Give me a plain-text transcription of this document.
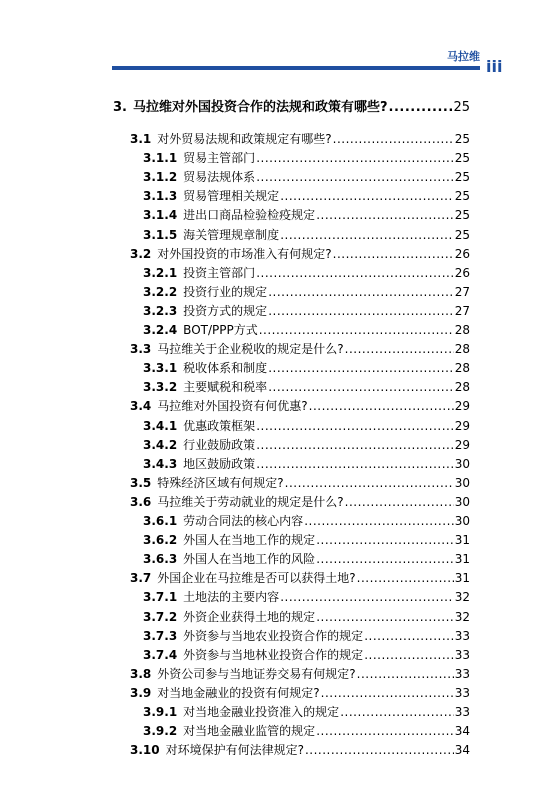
马拉维
iii
3. 马拉维对外国投资合作的法规和政策有哪些? .....	25
3.1 对外贸易法规和政策规定有哪些? .....	25
3.1.1 贸易主管部门 .....	25
3.1.2 贸易法规体系 .....	25
3.1.3 贸易管理相关规定 .....	25
3.1.4 进出口商品检验检疫规定 .....	25
3.1.5 海关管理规章制度 .....	25
3.2 对外国投资的市场准入有何规定? .....	26
3.2.1 投资主管部门 .....	26
3.2.2 投资行业的规定 .....	27
3.2.3 投资方式的规定 .....	27
3.2.4 BOT/PPP方式 .....	28
3.3 马拉维关于企业税收的规定是什么? .....	28
3.3.1 税收体系和制度 .....	28
3.3.2 主要赋税和税率 .....	28
3.4 马拉维对外国投资有何优惠? .....	29
3.4.1 优惠政策框架 .....	29
3.4.2 行业鼓励政策 .....	29
3.4.3 地区鼓励政策 .....	30
3.5 特殊经济区域有何规定? .....	30
3.6 马拉维关于劳动就业的规定是什么? .....	30
3.6.1 劳动合同法的核心内容 .....	30
3.6.2 外国人在当地工作的规定 .....	31
3.6.3 外国人在当地工作的风险 .....	31
3.7 外国企业在马拉维是否可以获得土地? .....	31
3.7.1 土地法的主要内容 .....	32
3.7.2 外资企业获得土地的规定 .....	32
3.7.3 外资参与当地农业投资合作的规定 .....	33
3.7.4 外资参与当地林业投资合作的规定 .....	33
3.8 外资公司参与当地证券交易有何规定? .....	33
3.9 对当地金融业的投资有何规定? .....	33
3.9.1 对当地金融业投资准入的规定 .....	33
3.9.2 对当地金融业监管的规定 .....	34
3.10 对环境保护有何法律规定? .....	34
